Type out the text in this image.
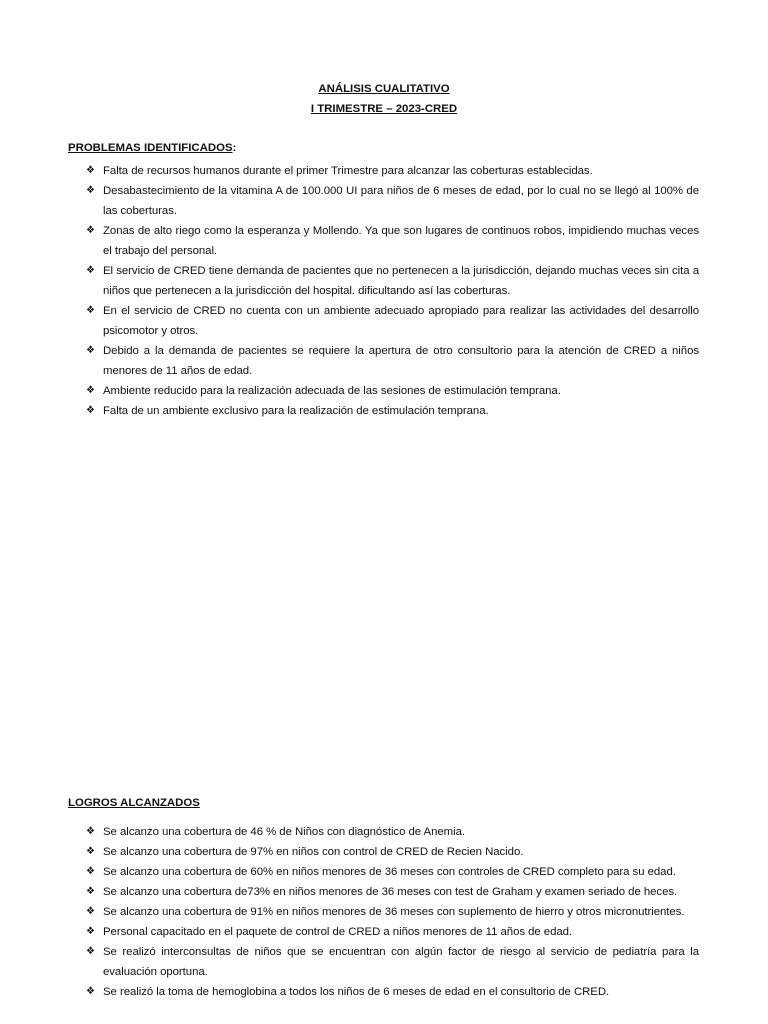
ANÁLISIS CUALITATIVO
I TRIMESTRE – 2023-CRED
PROBLEMAS IDENTIFICADOS:
❖ Falta de recursos humanos durante el primer Trimestre para alcanzar las coberturas establecidas.
❖ Desabastecimiento de la vitamina A de 100.000 UI para niños de 6 meses de edad, por lo cual no se llegó al 100% de las coberturas.
❖ Zonas de alto riego como la esperanza y Mollendo. Ya que son lugares de continuos robos, impidiendo muchas veces el trabajo del personal.
❖ El servicio de CRED tiene demanda de pacientes que no pertenecen a la jurisdicción, dejando muchas veces sin cita a niños que pertenecen a la jurisdicción del hospital. dificultando así las coberturas.
❖ En el servicio de CRED no cuenta con un ambiente adecuado apropiado para realizar las actividades del desarrollo psicomotor y otros.
❖ Debido a la demanda de pacientes se requiere la apertura de otro consultorio para la atención de CRED a niños menores de 11 años de edad.
❖ Ambiente reducido para la realización adecuada de las sesiones de estimulación temprana.
❖ Falta de un ambiente exclusivo para la realización de estimulación temprana.
LOGROS ALCANZADOS
❖ Se alcanzo una cobertura de 46 % de Niños con diagnóstico de Anemia.
❖ Se alcanzo una cobertura de 97% en niños con control de CRED de Recien Nacido.
❖ Se alcanzo una cobertura de 60% en niños menores de 36 meses con controles de CRED completo para su edad.
❖ Se alcanzo una cobertura de73% en niños menores de 36 meses con test de Graham y examen seriado de heces.
❖ Se alcanzo una cobertura de 91% en niños menores de 36 meses con suplemento de hierro y otros micronutrientes.
❖ Personal capacitado en el paquete de control de CRED a niños menores de 11 años de edad.
❖ Se realizó interconsultas de niños que se encuentran con algún factor de riesgo al servicio de pediatría para la evaluación oportuna.
❖ Se realizó la toma de hemoglobina a todos los niños de 6 meses de edad en el consultorio de CRED.
